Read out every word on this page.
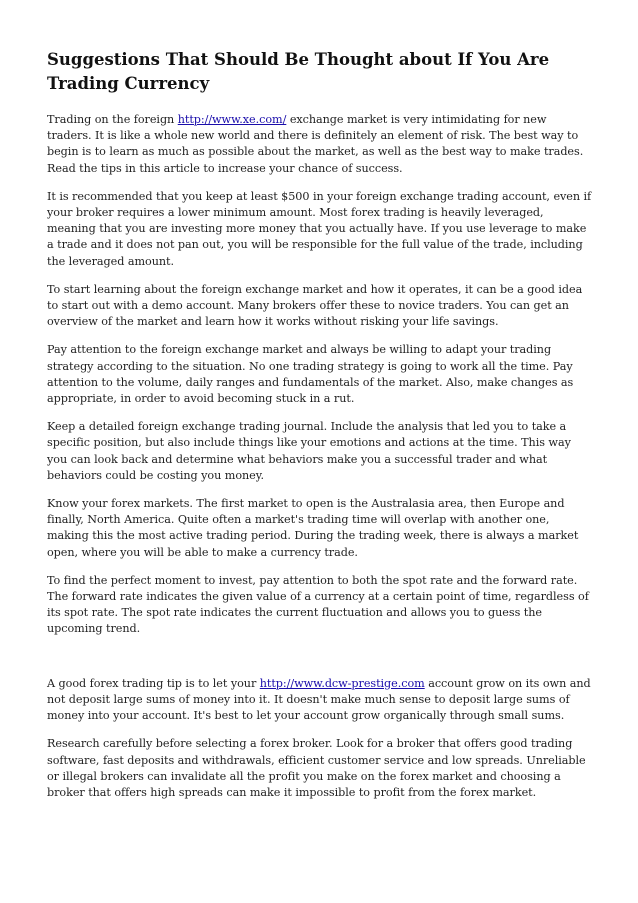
Suggestions That Should Be Thought about If You Are Trading Currency

Trading on the foreign http://www.xe.com/ exchange market is very intimidating for new traders. It is like a whole new world and there is definitely an element of risk. The best way to begin is to learn as much as possible about the market, as well as the best way to make trades. Read the tips in this article to increase your chance of success.

It is recommended that you keep at least $500 in your foreign exchange trading account, even if your broker requires a lower minimum amount. Most forex trading is heavily leveraged, meaning that you are investing more money that you actually have. If you use leverage to make a trade and it does not pan out, you will be responsible for the full value of the trade, including the leveraged amount.

To start learning about the foreign exchange market and how it operates, it can be a good idea to start out with a demo account. Many brokers offer these to novice traders. You can get an overview of the market and learn how it works without risking your life savings.

Pay attention to the foreign exchange market and always be willing to adapt your trading strategy according to the situation. No one trading strategy is going to work all the time. Pay attention to the volume, daily ranges and fundamentals of the market. Also, make changes as appropriate, in order to avoid becoming stuck in a rut.

Keep a detailed foreign exchange trading journal. Include the analysis that led you to take a specific position, but also include things like your emotions and actions at the time. This way you can look back and determine what behaviors make you a successful trader and what behaviors could be costing you money.

Know your forex markets. The first market to open is the Australasia area, then Europe and finally, North America. Quite often a market's trading time will overlap with another one, making this the most active trading period. During the trading week, there is always a market open, where you will be able to make a currency trade.

To find the perfect moment to invest, pay attention to both the spot rate and the forward rate. The forward rate indicates the given value of a currency at a certain point of time, regardless of its spot rate. The spot rate indicates the current fluctuation and allows you to guess the upcoming trend.

A good forex trading tip is to let your http://www.dcw-prestige.com account grow on its own and not deposit large sums of money into it. It doesn't make much sense to deposit large sums of money into your account. It's best to let your account grow organically through small sums.

Research carefully before selecting a forex broker. Look for a broker that offers good trading software, fast deposits and withdrawals, efficient customer service and low spreads. Unreliable or illegal brokers can invalidate all the profit you make on the forex market and choosing a broker that offers high spreads can make it impossible to profit from the forex market.
